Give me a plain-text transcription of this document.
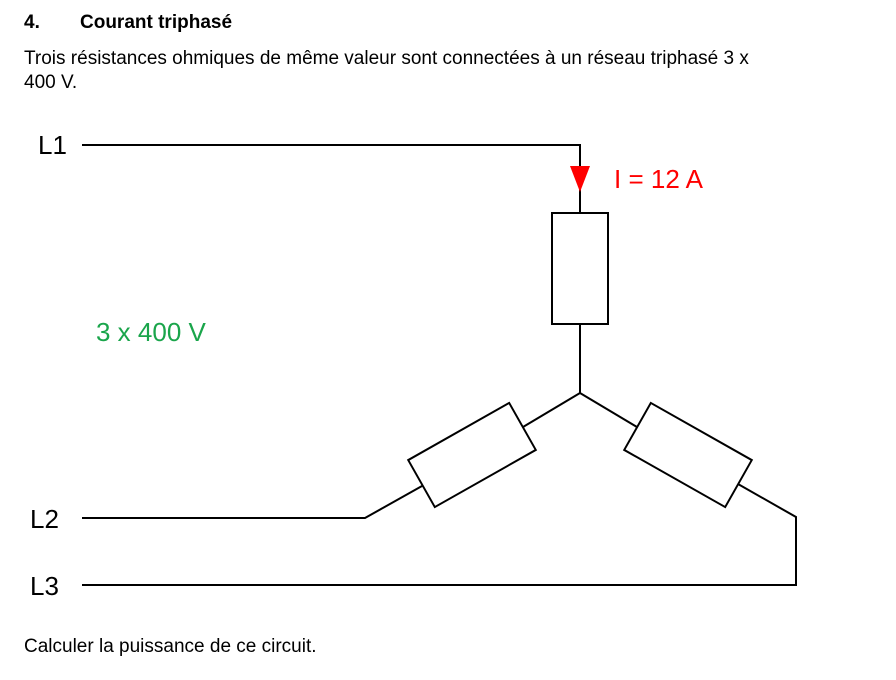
4. Courant triphasé
Trois résistances ohmiques de même valeur sont connectées à un réseau triphasé 3 x 400 V.
L1
L2
L3
I = 12 A
3 x 400 V
Calculer la puissance de ce circuit.
